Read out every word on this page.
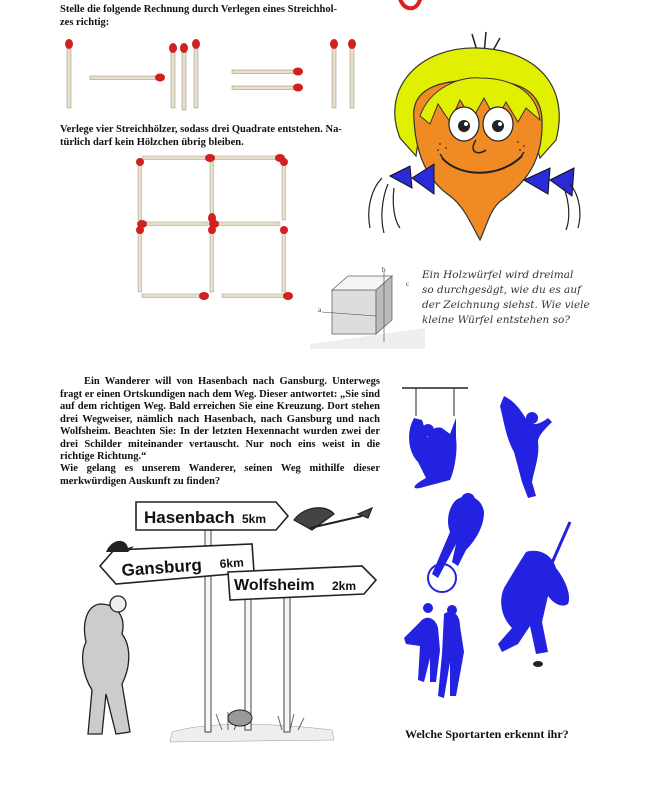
Stelle die folgende Rechnung durch Verlegen eines Streichhol-
zes richtig:
Verlege vier Streichhölzer, sodass drei Quadrate entstehen. Na-
türlich darf kein Hölzchen übrig bleiben.
b
a
c
Ein Holzwürfel wird dreimal
so durchgesägt, wie du es auf
der Zeichnung siehst. Wie viele
kleine Würfel entstehen so?
Ein Wanderer will von Hasenbach nach Gansburg. Unterwegs fragt er einen Ortskundigen nach dem Weg. Dieser antwortet: „Sie sind auf dem richtigen Weg. Bald erreichen Sie eine Kreuzung. Dort stehen drei Wegweiser, nämlich nach Hasenbach, nach Gansburg und nach Wolfsheim. Beachten Sie: In der letzten Hexennacht wurden zwei der drei Schilder miteinander vertauscht. Nur noch eins weist in die richtige Richtung.“
Wie gelang es unserem Wanderer, seinen Weg mithilfe dieser merkwürdigen Auskunft zu finden?
Hasenbach 5km
Gansburg 6km
Wolfsheim 2km
Welche Sportarten erkennt ihr?
